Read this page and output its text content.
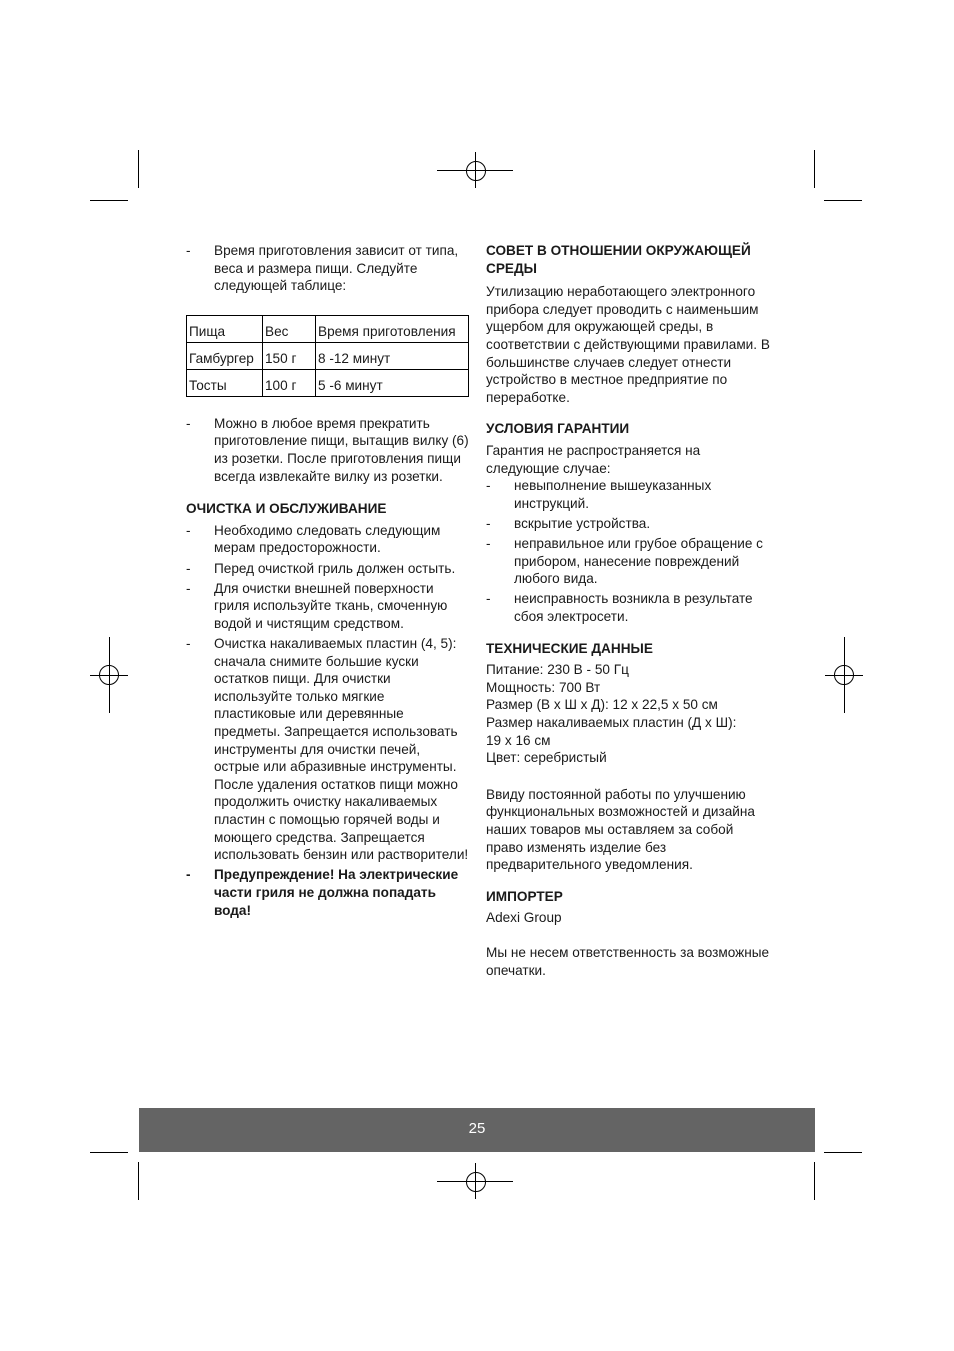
- Время приготовления зависит от типа, веса и размера пищи. Следуйте следующей таблице:
Пища	Вес	Время приготовления
Гамбургер	150 г	8 -12 минут
Тосты	100 г	5 -6 минут
- Можно в любое время прекратить приготовление пищи, вытащив вилку (6) из розетки. После приготовления пищи всегда извлекайте вилку из розетки.
ОЧИСТКА И ОБСЛУЖИВАНИЕ
- Необходимо следовать следующим мерам предосторожности.
- Перед очисткой гриль должен остыть.
- Для очистки внешней поверхности гриля используйте ткань, смоченную водой и чистящим средством.
- Очистка накаливаемых пластин (4, 5): сначала снимите большие куски остатков пищи. Для очистки используйте только мягкие пластиковые или деревянные предметы. Запрещается использовать инструменты для очистки печей, острые или абразивные инструменты. После удаления остатков пищи можно продолжить очистку накаливаемых пластин с помощью горячей воды и моющего средства. Запрещается использовать бензин или растворители!
- Предупреждение! На электрические части гриля не должна попадать вода!
СОВЕТ В ОТНОШЕНИИ ОКРУЖАЮЩЕЙ СРЕДЫ

Утилизацию неработающего электронного прибора следует проводить с наименьшим ущербом для окружающей среды, в соответствии с действующими правилами. В большинстве случаев следует отнести устройство в местное предприятие по переработке.

УСЛОВИЯ ГАРАНТИИ

Гарантия не распространяется на следующие случае:

- невыполнение вышеуказанных инструкций.
- вскрытие устройства.
- неправильное или грубое обращение с прибором, нанесение повреждений любого вида.
- неисправность возникла в результате сбоя электросети.
ТЕХНИЧЕСКИЕ ДАННЫЕ

Питание: 230 В - 50 Гц

Мощность: 700 Вт

Размер (В х Ш х Д): 12 х 22,5 х 50 см

Размер накаливаемых пластин (Д х Ш):

19 х 16 см

Цвет: серебристый

Ввиду постоянной работы по улучшению функциональных возможностей и дизайна наших товаров мы оставляем за собой право изменять изделие без предварительного уведомления.

ИМПОРТЕР

Adexi Group

Мы не несем ответственность за возможные опечатки.

25
